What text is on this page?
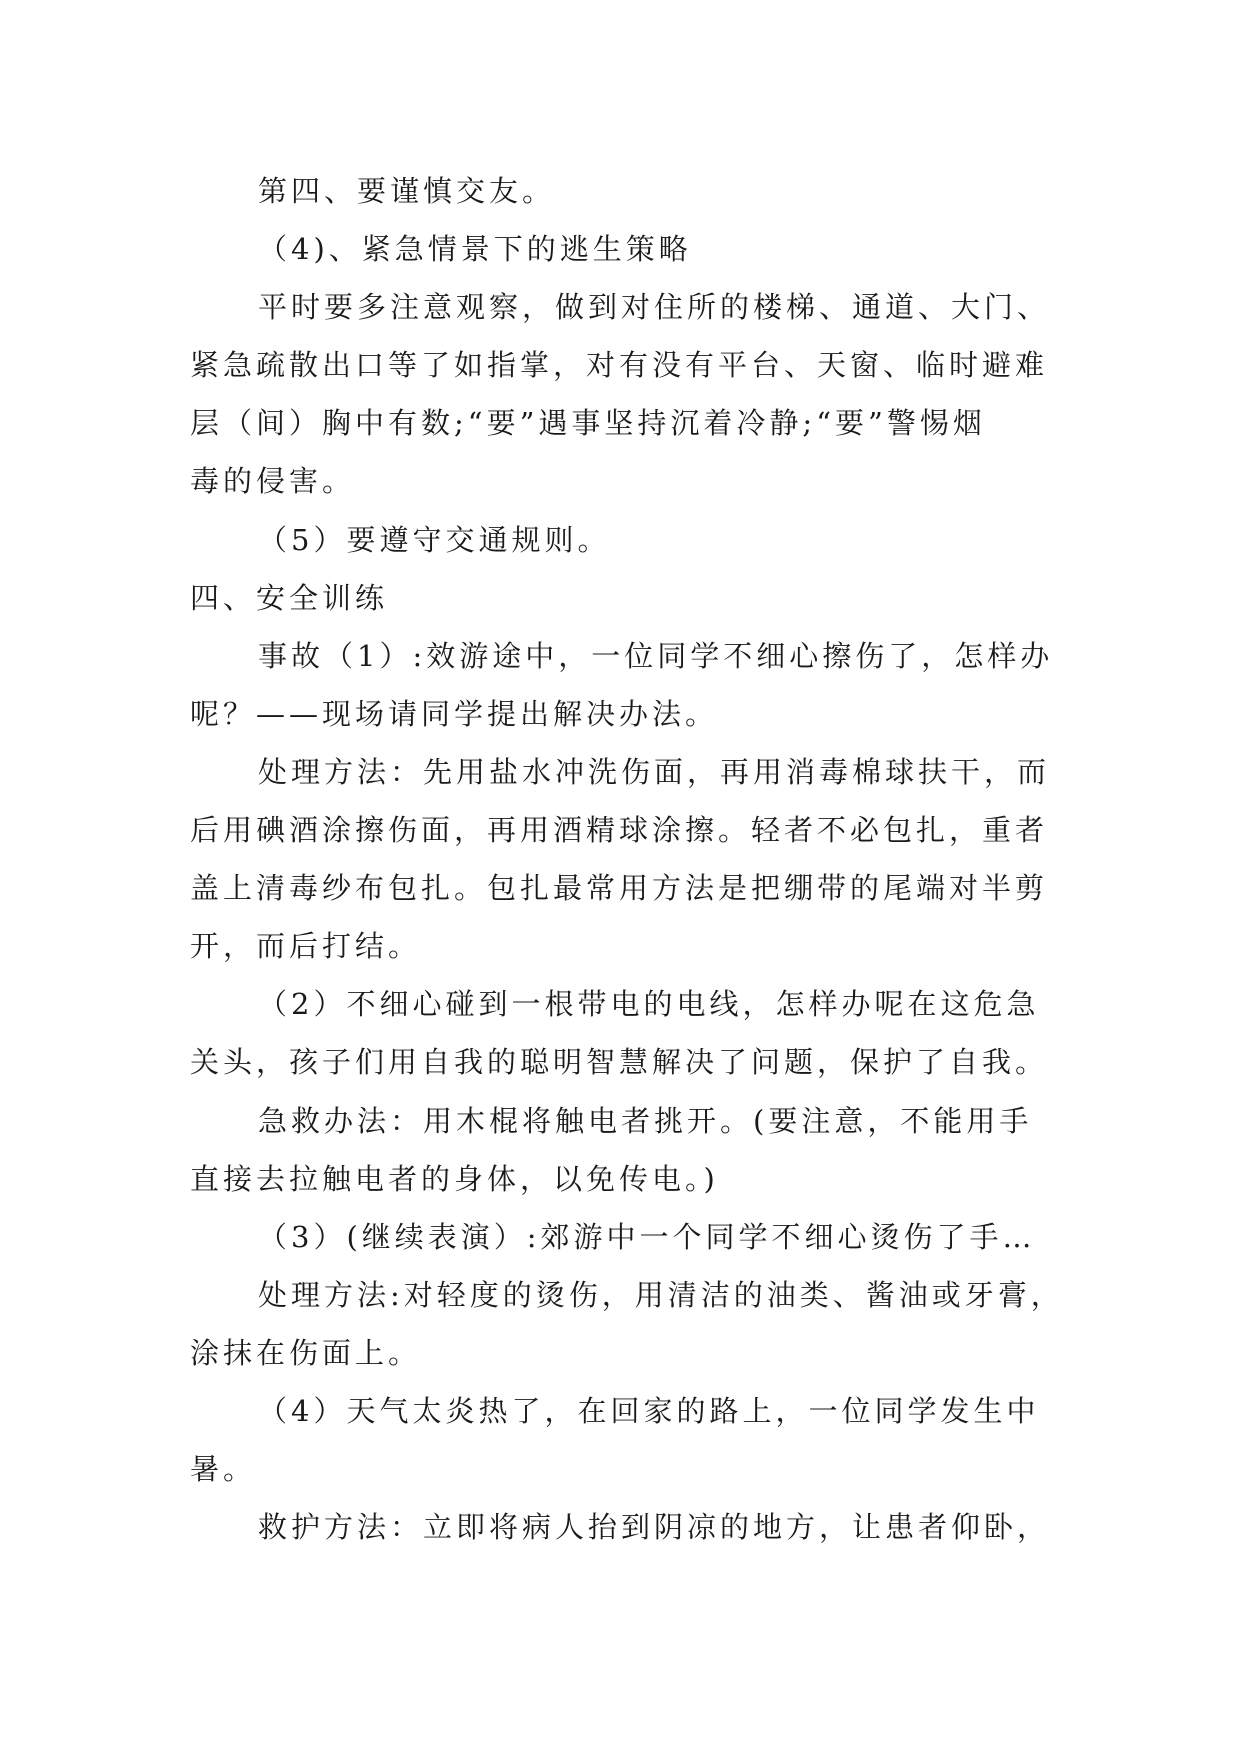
第四、要谨慎交友。
（4)、紧急情景下的逃生策略
平时要多注意观察，做到对住所的楼梯、通道、大门、
紧急疏散出口等了如指掌，对有没有平台、天窗、临时避难
层（间）胸中有数;“要”遇事坚持沉着冷静;“要”警惕烟
毒的侵害。
（5）要遵守交通规则。
四、安全训练
事故（1）:效游途中，一位同学不细心擦伤了，怎样办
呢？——现场请同学提出解决办法。
处理方法：先用盐水冲洗伤面，再用消毒棉球扶干，而
后用碘酒涂擦伤面，再用酒精球涂擦。轻者不必包扎，重者
盖上清毒纱布包扎。包扎最常用方法是把绷带的尾端对半剪
开，而后打结。
（2）不细心碰到一根带电的电线，怎样办呢在这危急
关头，孩子们用自我的聪明智慧解决了问题，保护了自我。
急救办法：用木棍将触电者挑开。(要注意，不能用手
直接去拉触电者的身体，以免传电。)
（3）(继续表演）:郊游中一个同学不细心烫伤了手…
处理方法:对轻度的烫伤，用清洁的油类、酱油或牙膏，
涂抹在伤面上。
（4）天气太炎热了，在回家的路上，一位同学发生中
暑。
救护方法：立即将病人抬到阴凉的地方，让患者仰卧，
